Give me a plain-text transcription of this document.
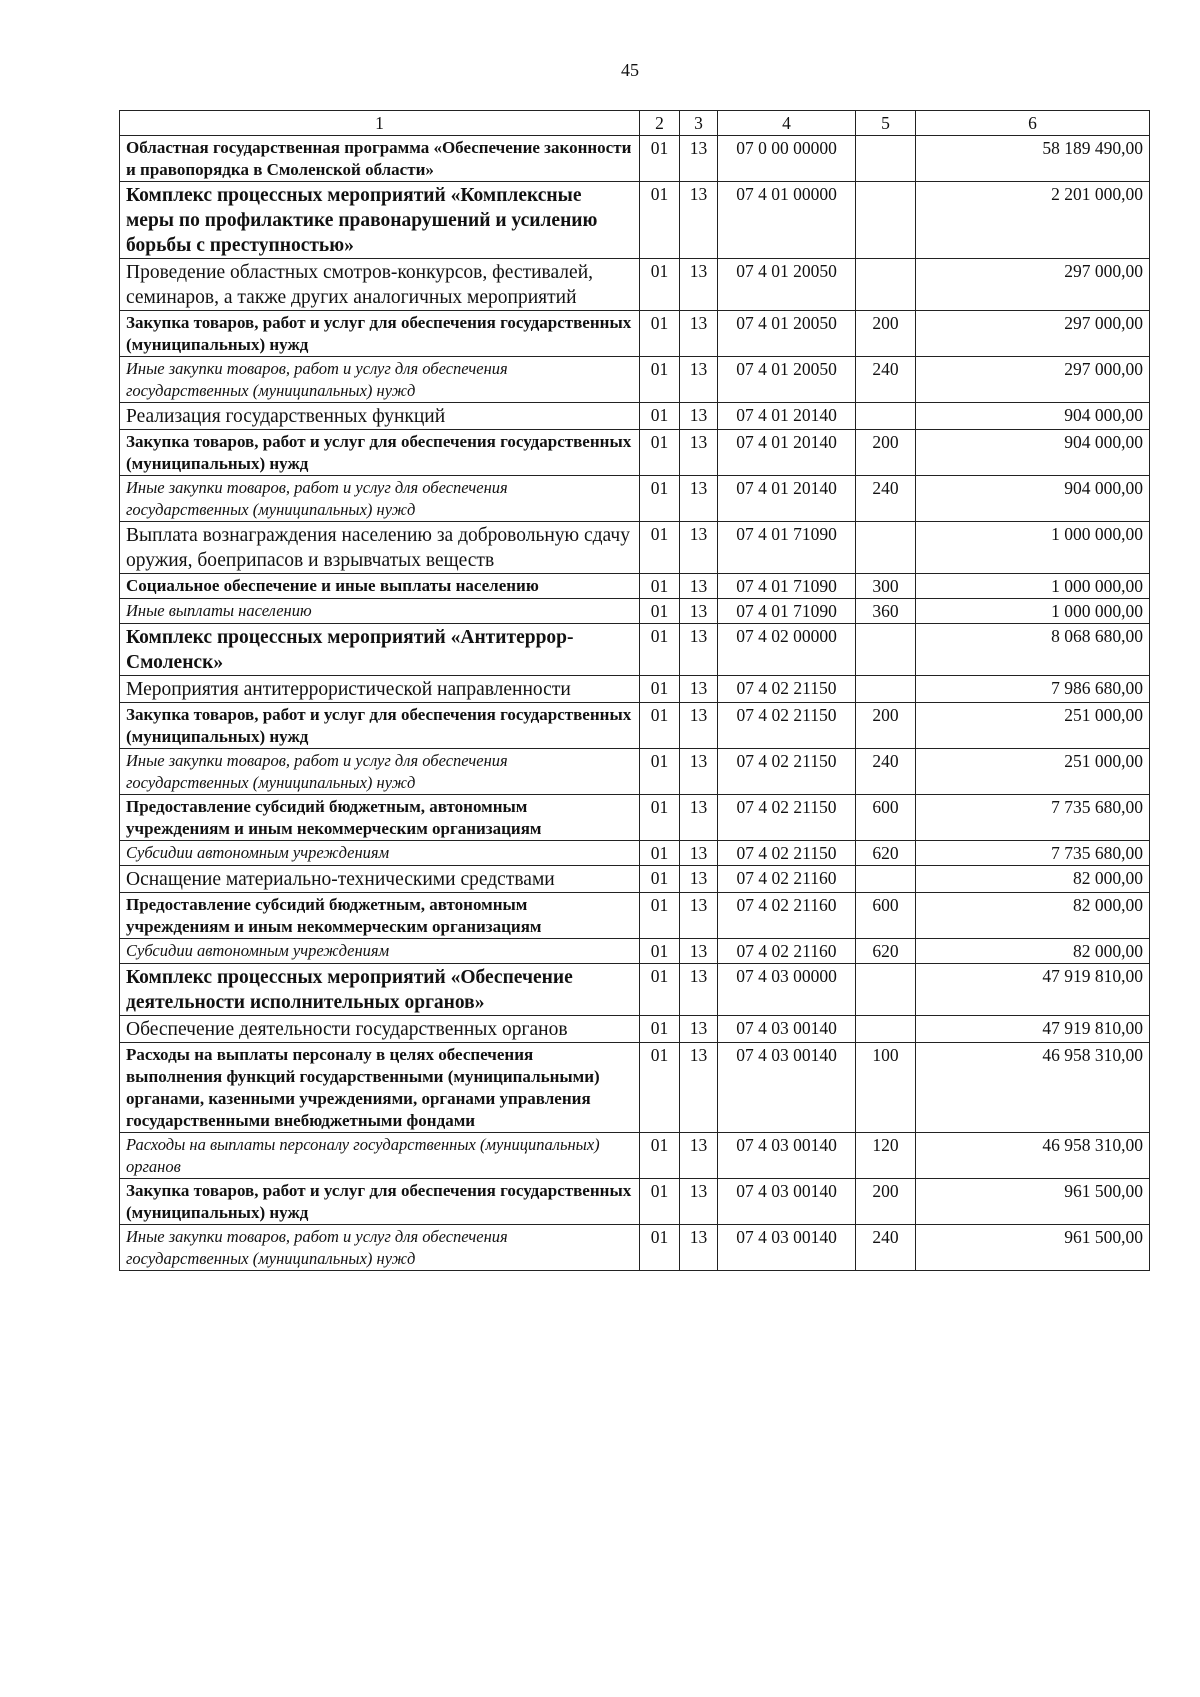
45
1	2	3	4	5	6
Областная государственная программа «Обеспечение законности и правопорядка в Смоленской области»	01	13	07 0 00 00000		58 189 490,00
Комплекс процессных мероприятий «Комплексные меры по профилактике правонарушений и усилению борьбы с преступностью»	01	13	07 4 01 00000		2 201 000,00
Проведение областных смотров-конкурсов, фестивалей, семинаров, а также других аналогичных мероприятий	01	13	07 4 01 20050		297 000,00
Закупка товаров, работ и услуг для обеспечения государственных (муниципальных) нужд	01	13	07 4 01 20050	200	297 000,00
Иные закупки товаров, работ и услуг для обеспечения государственных (муниципальных) нужд	01	13	07 4 01 20050	240	297 000,00
Реализация государственных функций	01	13	07 4 01 20140		904 000,00
Закупка товаров, работ и услуг для обеспечения государственных (муниципальных) нужд	01	13	07 4 01 20140	200	904 000,00
Иные закупки товаров, работ и услуг для обеспечения государственных (муниципальных) нужд	01	13	07 4 01 20140	240	904 000,00
Выплата вознаграждения населению за добровольную сдачу оружия, боеприпасов и взрывчатых веществ	01	13	07 4 01 71090		1 000 000,00
Социальное обеспечение и иные выплаты населению	01	13	07 4 01 71090	300	1 000 000,00
Иные выплаты населению	01	13	07 4 01 71090	360	1 000 000,00
Комплекс процессных мероприятий «Антитеррор-Смоленск»	01	13	07 4 02 00000		8 068 680,00
Мероприятия антитеррористической направленности	01	13	07 4 02 21150		7 986 680,00
Закупка товаров, работ и услуг для обеспечения государственных (муниципальных) нужд	01	13	07 4 02 21150	200	251 000,00
Иные закупки товаров, работ и услуг для обеспечения государственных (муниципальных) нужд	01	13	07 4 02 21150	240	251 000,00
Предоставление субсидий бюджетным, автономным учреждениям и иным некоммерческим организациям	01	13	07 4 02 21150	600	7 735 680,00
Субсидии автономным учреждениям	01	13	07 4 02 21150	620	7 735 680,00
Оснащение материально-техническими средствами	01	13	07 4 02 21160		82 000,00
Предоставление субсидий бюджетным, автономным учреждениям и иным некоммерческим организациям	01	13	07 4 02 21160	600	82 000,00
Субсидии автономным учреждениям	01	13	07 4 02 21160	620	82 000,00
Комплекс процессных мероприятий «Обеспечение деятельности исполнительных органов»	01	13	07 4 03 00000		47 919 810,00
Обеспечение деятельности государственных органов	01	13	07 4 03 00140		47 919 810,00
Расходы на выплаты персоналу в целях обеспечения выполнения функций государственными (муниципальными) органами, казенными учреждениями, органами управления государственными внебюджетными фондами	01	13	07 4 03 00140	100	46 958 310,00
Расходы на выплаты персоналу государственных (муниципальных) органов	01	13	07 4 03 00140	120	46 958 310,00
Закупка товаров, работ и услуг для обеспечения государственных (муниципальных) нужд	01	13	07 4 03 00140	200	961 500,00
Иные закупки товаров, работ и услуг для обеспечения государственных (муниципальных) нужд	01	13	07 4 03 00140	240	961 500,00
